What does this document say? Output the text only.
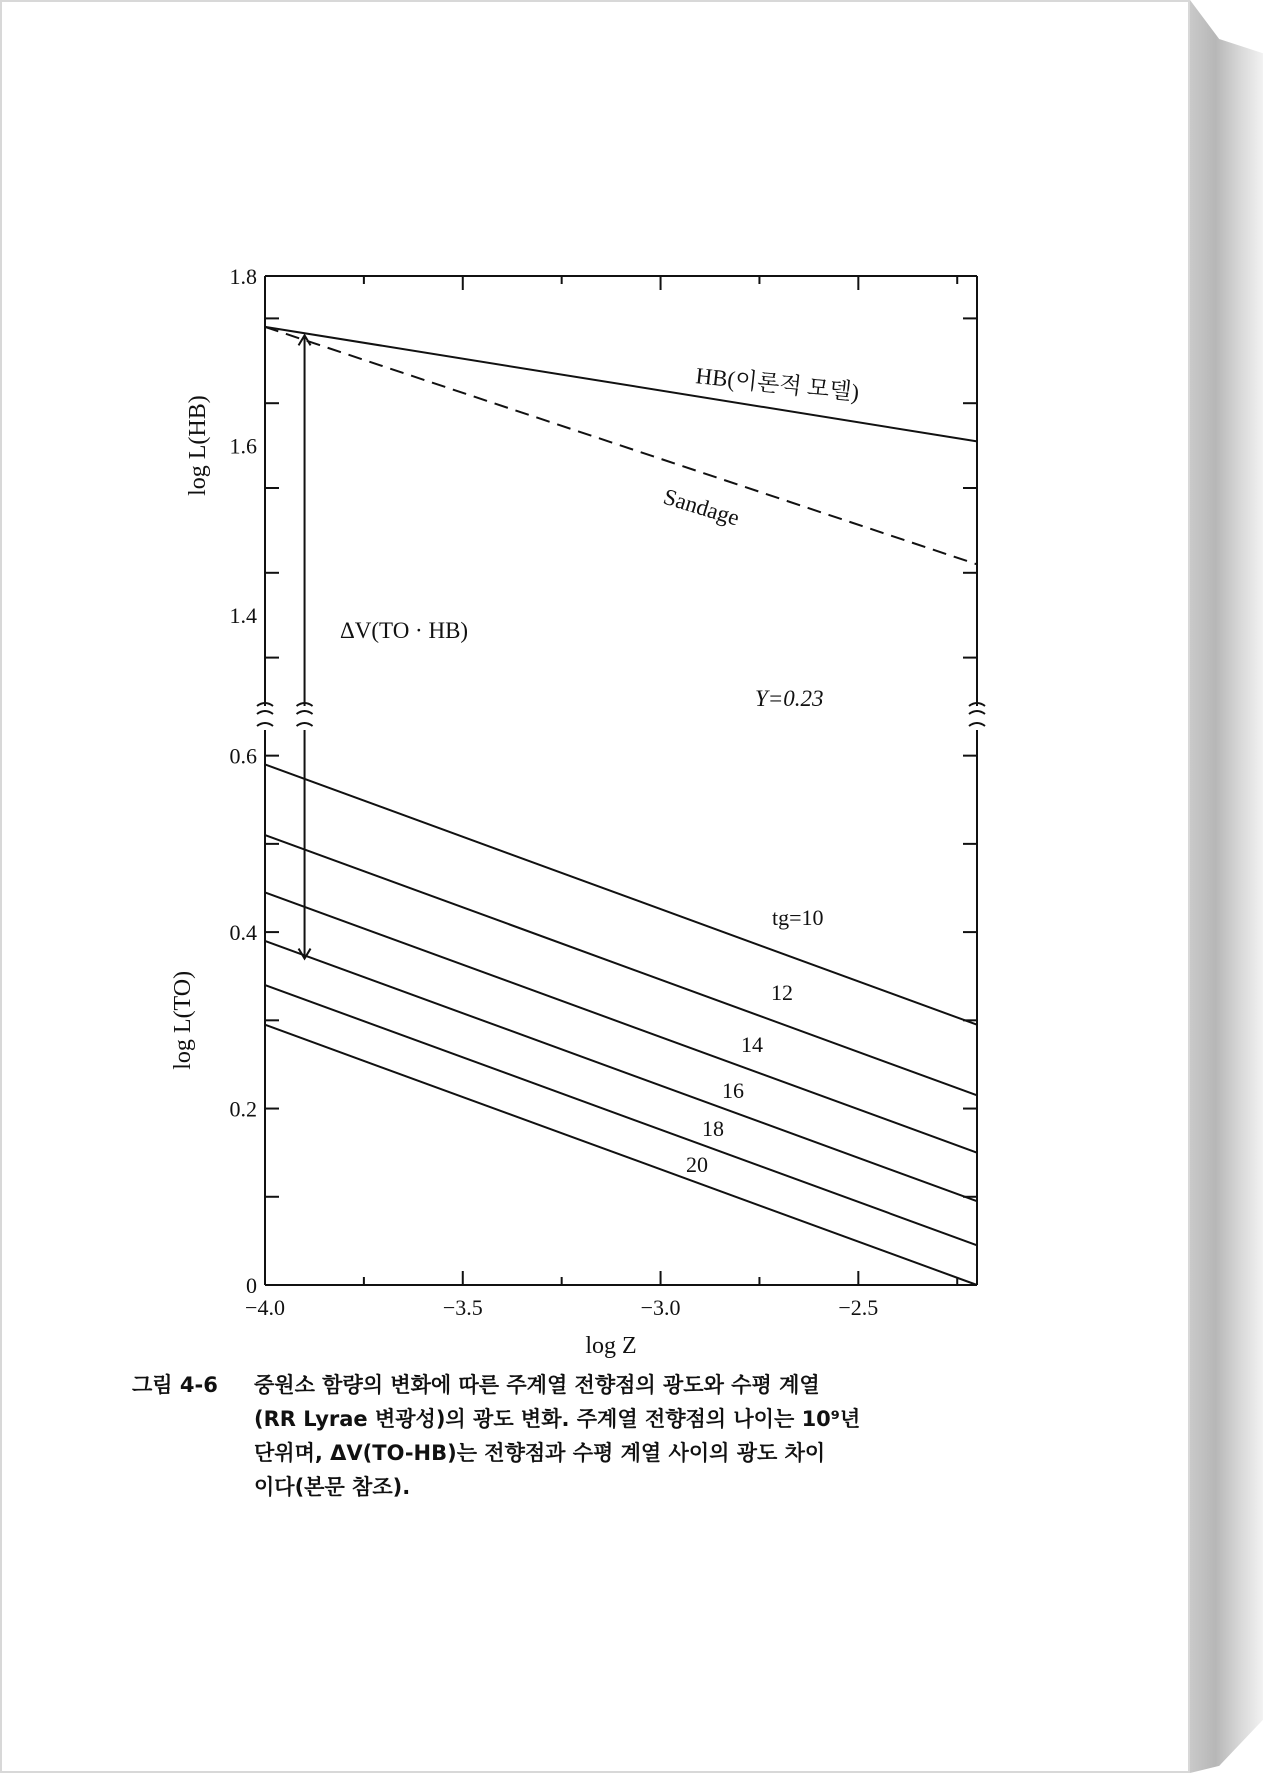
−4.0	−3.5	−3.0	−2.5
log Z
1.4
1.6
1.8
log L(HB)
0
0.2
0.4
0.6
log L(TO)
HB(이론적 모델)
Sandage
tg=10
12
14
16
18
20
ΔV(TO · HB)
Y=0.23
그림 4-6 중원소 함량의 변화에 따른 주계열 전향점의 광도와 수평 계열
(RR Lyrae 변광성)의 광도 변화. 주계열 전향점의 나이는 10⁹년
단위며, ΔV(TO-HB)는 전향점과 수평 계열 사이의 광도 차이
이다(본문 참조).
